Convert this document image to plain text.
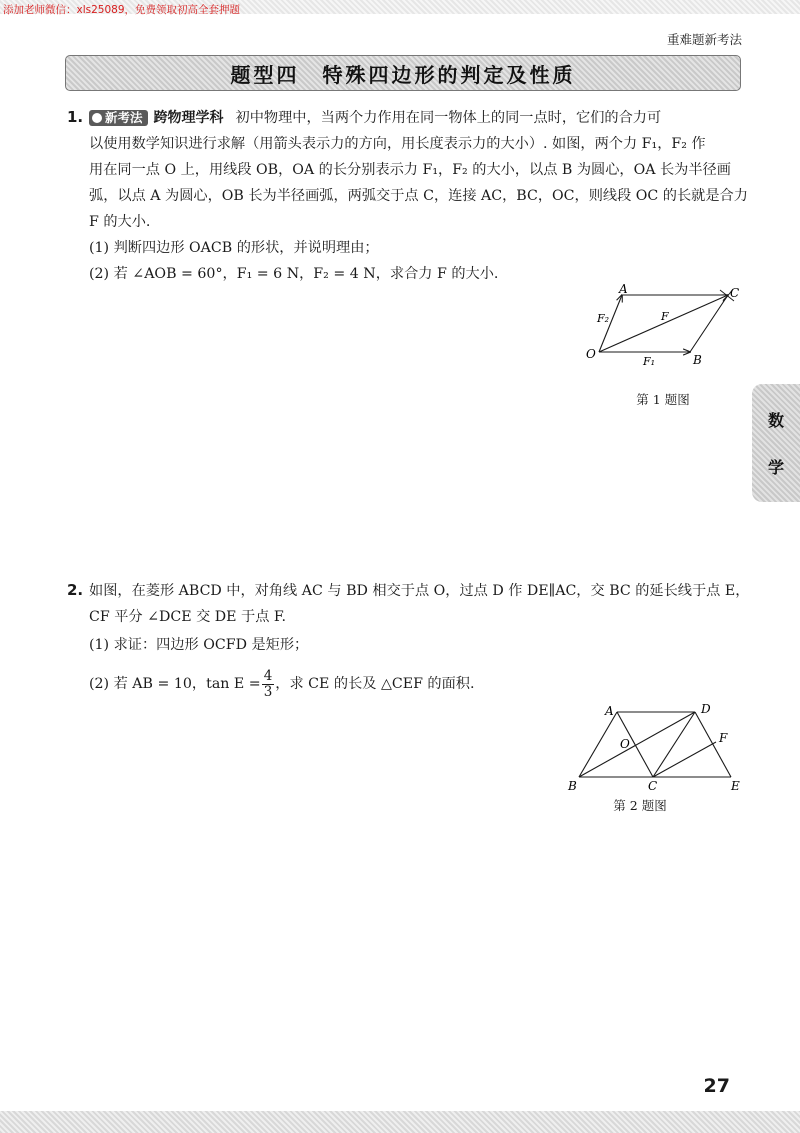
添加老师微信：xls25089，免费领取初高全套押题
重难题新考法
题型四　特殊四边形的判定及性质
数
学
1. 新考法 跨物理学科 初中物理中，当两个力作用在同一物体上的同一点时，它们的合力可
以使用数学知识进行求解（用箭头表示力的方向，用长度表示力的大小）. 如图，两个力 F₁，F₂ 作
用在同一点 O 上，用线段 OB，OA 的长分别表示力 F₁，F₂ 的大小，以点 B 为圆心，OA 长为半径画
弧，以点 A 为圆心，OB 长为半径画弧，两弧交于点 C，连接 AC，BC，OC，则线段 OC 的长就是合力
F 的大小.
(1) 判断四边形 OACB 的形状，并说明理由；
(2) 若 ∠AOB = 60°，F₁ = 6 N，F₂ = 4 N，求合力 F 的大小.
A	C
O	B
F
F₂
F₁
第 1 题图
2. 如图，在菱形 ABCD 中，对角线 AC 与 BD 相交于点 O，过点 D 作 DE∥AC，交 BC 的延长线于点 E，
CF 平分 ∠DCE 交 DE 于点 F.
(1) 求证：四边形 OCFD 是矩形；
(2) 若 AB = 10，$\tan E = \frac{4}{3}$ ，求 CE 的长及 △CEF 的面积.
A	D
O	F
B	C	E
第 2 题图
27
